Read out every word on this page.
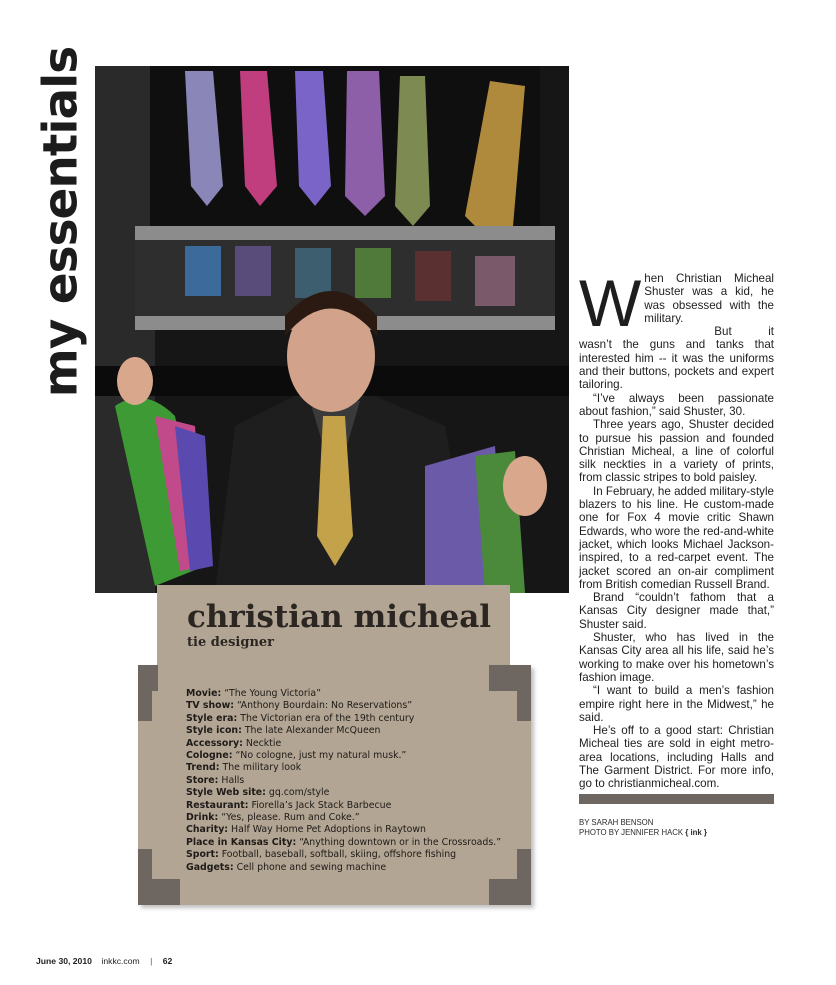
my essentials
christian micheal
tie designer
Movie: “The Young Victoria”
TV show: “Anthony Bourdain: No Reservations”
Style era: The Victorian era of the 19th century
Style icon: The late Alexander McQueen
Accessory: Necktie
Cologne: “No cologne, just my natural musk.”
Trend: The military look
Store: Halls
Style Web site: gq.com/style
Restaurant: Fiorella’s Jack Stack Barbecue
Drink: “Yes, please. Rum and Coke.”
Charity: Half Way Home Pet Adoptions in Raytown
Place in Kansas City: “Anything downtown or in the Crossroads.”
Sport: Football, baseball, softball, skiing, offshore fishing
Gadgets: Cell phone and sewing machine

When Christian Micheal Shuster was a kid, he was obsessed with the military.

But it wasn’t the guns and tanks that interested him -- it was the uniforms and their buttons, pockets and expert tailoring.

“I’ve always been passionate about fashion,” said Shuster, 30.

Three years ago, Shuster decided to pursue his passion and founded Christian Micheal, a line of colorful silk neckties in a variety of prints, from classic stripes to bold paisley.

In February, he added military-style blazers to his line. He custom-made one for Fox 4 movie critic Shawn Edwards, who wore the red-and-white jacket, which looks Michael Jackson-inspired, to a red-carpet event. The jacket scored an on-air compliment from British comedian Russell Brand.

Brand “couldn’t fathom that a Kansas City designer made that,” Shuster said.

Shuster, who has lived in the Kansas City area all his life, said he’s working to make over his hometown’s fashion image.

“I want to build a men’s fashion empire right here in the Midwest,” he said.

He’s off to a good start: Christian Micheal ties are sold in eight metro-area locations, including Halls and The Garment District. For more info, go to christianmicheal.com.

BY SARAH BENSON
PHOTO BY JENNIFER HACK { ink }
June 30, 2010 inkkc.com | 62
